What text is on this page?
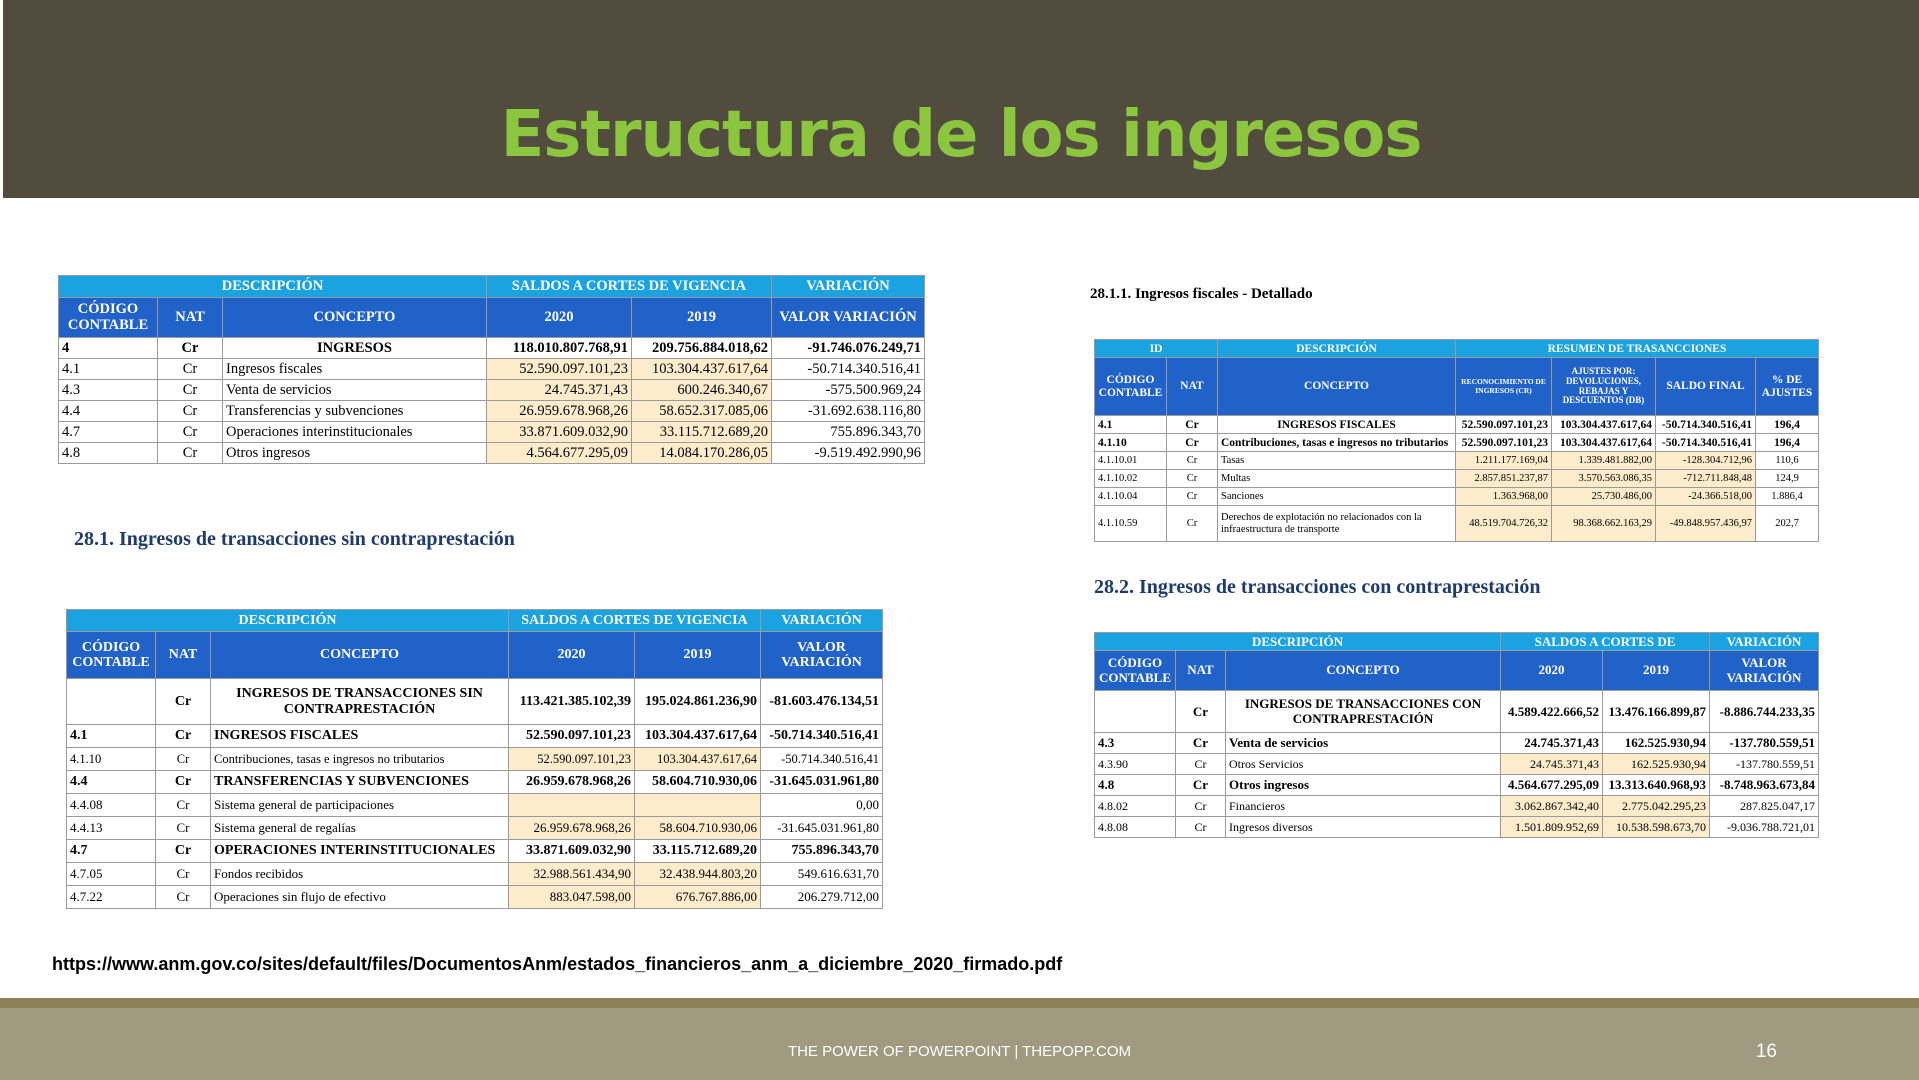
Estructura de los ingresos
DESCRIPCIÓN			SALDOS A CORTES DE VIGENCIA		VARIACIÓN
CÓDIGO CONTABLE	NAT	CONCEPTO	2020	2019	VALOR VARIACIÓN
4	Cr	INGRESOS	118.010.807.768,91	209.756.884.018,62	-91.746.076.249,71
4.1	Cr	Ingresos fiscales	52.590.097.101,23	103.304.437.617,64	-50.714.340.516,41
4.3	Cr	Venta de servicios	24.745.371,43	600.246.340,67	-575.500.969,24
4.4	Cr	Transferencias y subvenciones	26.959.678.968,26	58.652.317.085,06	-31.692.638.116,80
4.7	Cr	Operaciones interinstitucionales	33.871.609.032,90	33.115.712.689,20	755.896.343,70
4.8	Cr	Otros ingresos	4.564.677.295,09	14.084.170.286,05	-9.519.492.990,96
28.1. Ingresos de transacciones sin contraprestación
DESCRIPCIÓN			SALDOS A CORTES DE VIGENCIA		VARIACIÓN
CÓDIGO CONTABLE	NAT	CONCEPTO	2020	2019	VALOR VARIACIÓN
	Cr	INGRESOS DE TRANSACCIONES SIN CONTRAPRESTACIÓN	113.421.385.102,39	195.024.861.236,90	-81.603.476.134,51
4.1	Cr	INGRESOS FISCALES	52.590.097.101,23	103.304.437.617,64	-50.714.340.516,41
4.1.10	Cr	Contribuciones, tasas e ingresos no tributarios	52.590.097.101,23	103.304.437.617,64	-50.714.340.516,41
4.4	Cr	TRANSFERENCIAS Y SUBVENCIONES	26.959.678.968,26	58.604.710.930,06	-31.645.031.961,80
4.4.08	Cr	Sistema general de participaciones			0,00
4.4.13	Cr	Sistema general de regalías	26.959.678.968,26	58.604.710.930,06	-31.645.031.961,80
4.7	Cr	OPERACIONES INTERINSTITUCIONALES	33.871.609.032,90	33.115.712.689,20	755.896.343,70
4.7.05	Cr	Fondos recibidos	32.988.561.434,90	32.438.944.803,20	549.616.631,70
4.7.22	Cr	Operaciones sin flujo de efectivo	883.047.598,00	676.767.886,00	206.279.712,00
28.1.1. Ingresos fiscales - Detallado
ID		DESCRIPCIÓN	RESUMEN DE TRASANCCIONES			
CÓDIGO CONTABLE	NAT	CONCEPTO	RECONOCIMIENTO DE INGRESOS (CR)	AJUSTES POR: DEVOLUCIONES, REBAJAS Y DESCUENTOS (DB)	SALDO FINAL	% DE AJUSTES
4.1	Cr	INGRESOS FISCALES	52.590.097.101,23	103.304.437.617,64	-50.714.340.516,41	196,4
4.1.10	Cr	Contribuciones, tasas e ingresos no tributarios	52.590.097.101,23	103.304.437.617,64	-50.714.340.516,41	196,4
4.1.10.01	Cr	Tasas	1.211.177.169,04	1.339.481.882,00	-128.304.712,96	110,6
4.1.10.02	Cr	Multas	2.857.851.237,87	3.570.563.086,35	-712.711.848,48	124,9
4.1.10.04	Cr	Sanciones	1.363.968,00	25.730.486,00	-24.366.518,00	1.886,4
4.1.10.59	Cr	Derechos de explotación no relacionados con la infraestructura de transporte	48.519.704.726,32	98.368.662.163,29	-49.848.957.436,97	202,7
28.2. Ingresos de transacciones con contraprestación
DESCRIPCIÓN			SALDOS A CORTES DE		VARIACIÓN
CÓDIGO CONTABLE	NAT	CONCEPTO	2020	2019	VALOR VARIACIÓN
	Cr	INGRESOS DE TRANSACCIONES CON CONTRAPRESTACIÓN	4.589.422.666,52	13.476.166.899,87	-8.886.744.233,35
4.3	Cr	Venta de servicios	24.745.371,43	162.525.930,94	-137.780.559,51
4.3.90	Cr	Otros Servicios	24.745.371,43	162.525.930,94	-137.780.559,51
4.8	Cr	Otros ingresos	4.564.677.295,09	13.313.640.968,93	-8.748.963.673,84
4.8.02	Cr	Financieros	3.062.867.342,40	2.775.042.295,23	287.825.047,17
4.8.08	Cr	Ingresos diversos	1.501.809.952,69	10.538.598.673,70	-9.036.788.721,01
https://www.anm.gov.co/sites/default/files/DocumentosAnm/estados_financieros_anm_a_diciembre_2020_firmado.pdf
THE POWER OF POWERPOINT | THEPOPP.COM	16
